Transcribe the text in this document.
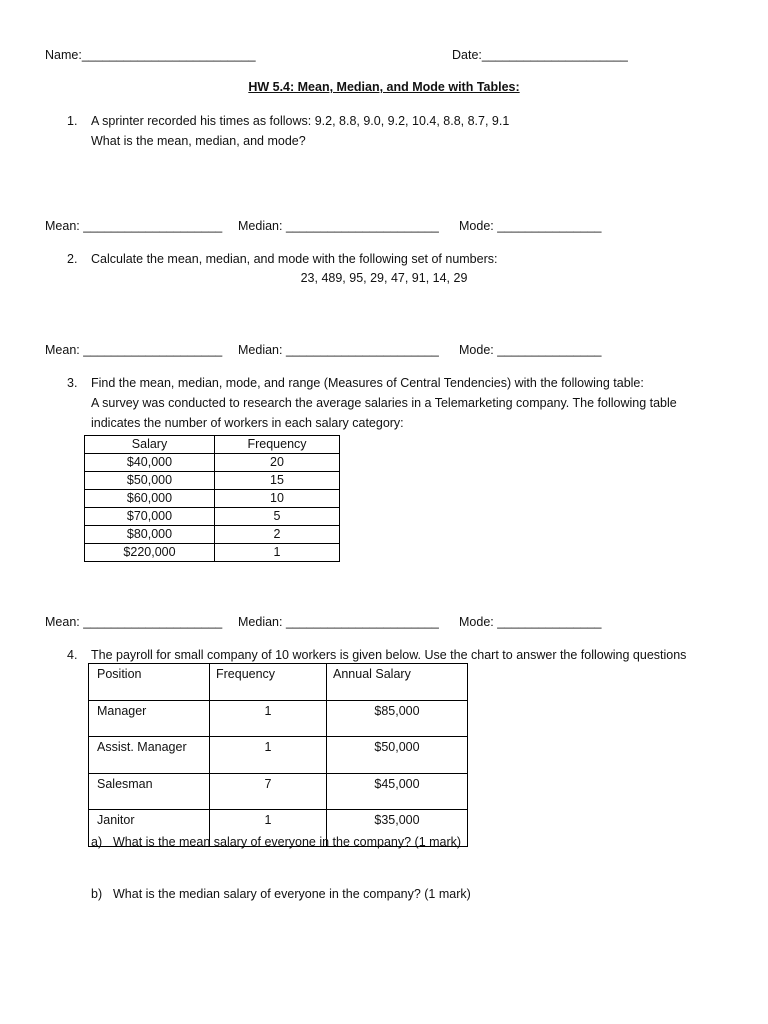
Name:_________________________	Date:_____________________
HW 5.4: Mean, Median, and Mode with Tables:
1. A sprinter recorded his times as follows: 9.2, 8.8, 9.0, 9.2, 10.4, 8.8, 8.7, 9.1
What is the mean, median, and mode?
Mean: ____________________ Median: ______________________ Mode: _______________
2. Calculate the mean, median, and mode with the following set of numbers:
23, 489, 95, 29, 47, 91, 14, 29
Mean: ____________________ Median: ______________________ Mode: _______________
3. Find the mean, median, mode, and range (Measures of Central Tendencies) with the following table:
A survey was conducted to research the average salaries in a Telemarketing company. The following table
indicates the number of workers in each salary category:
Salary	Frequency
$40,000	20
$50,000	15
$60,000	10
$70,000	5
$80,000	2
$220,000	1
Mean: ____________________ Median: ______________________ Mode: _______________
4. The payroll for small company of 10 workers is given below. Use the chart to answer the following questions
Position	Frequency	Annual Salary
Manager	1	$85,000
Assist. Manager	1	$50,000
Salesman	7	$45,000
Janitor	1	$35,000
a) What is the mean salary of everyone in the company? (1 mark)
b) What is the median salary of everyone in the company? (1 mark)
